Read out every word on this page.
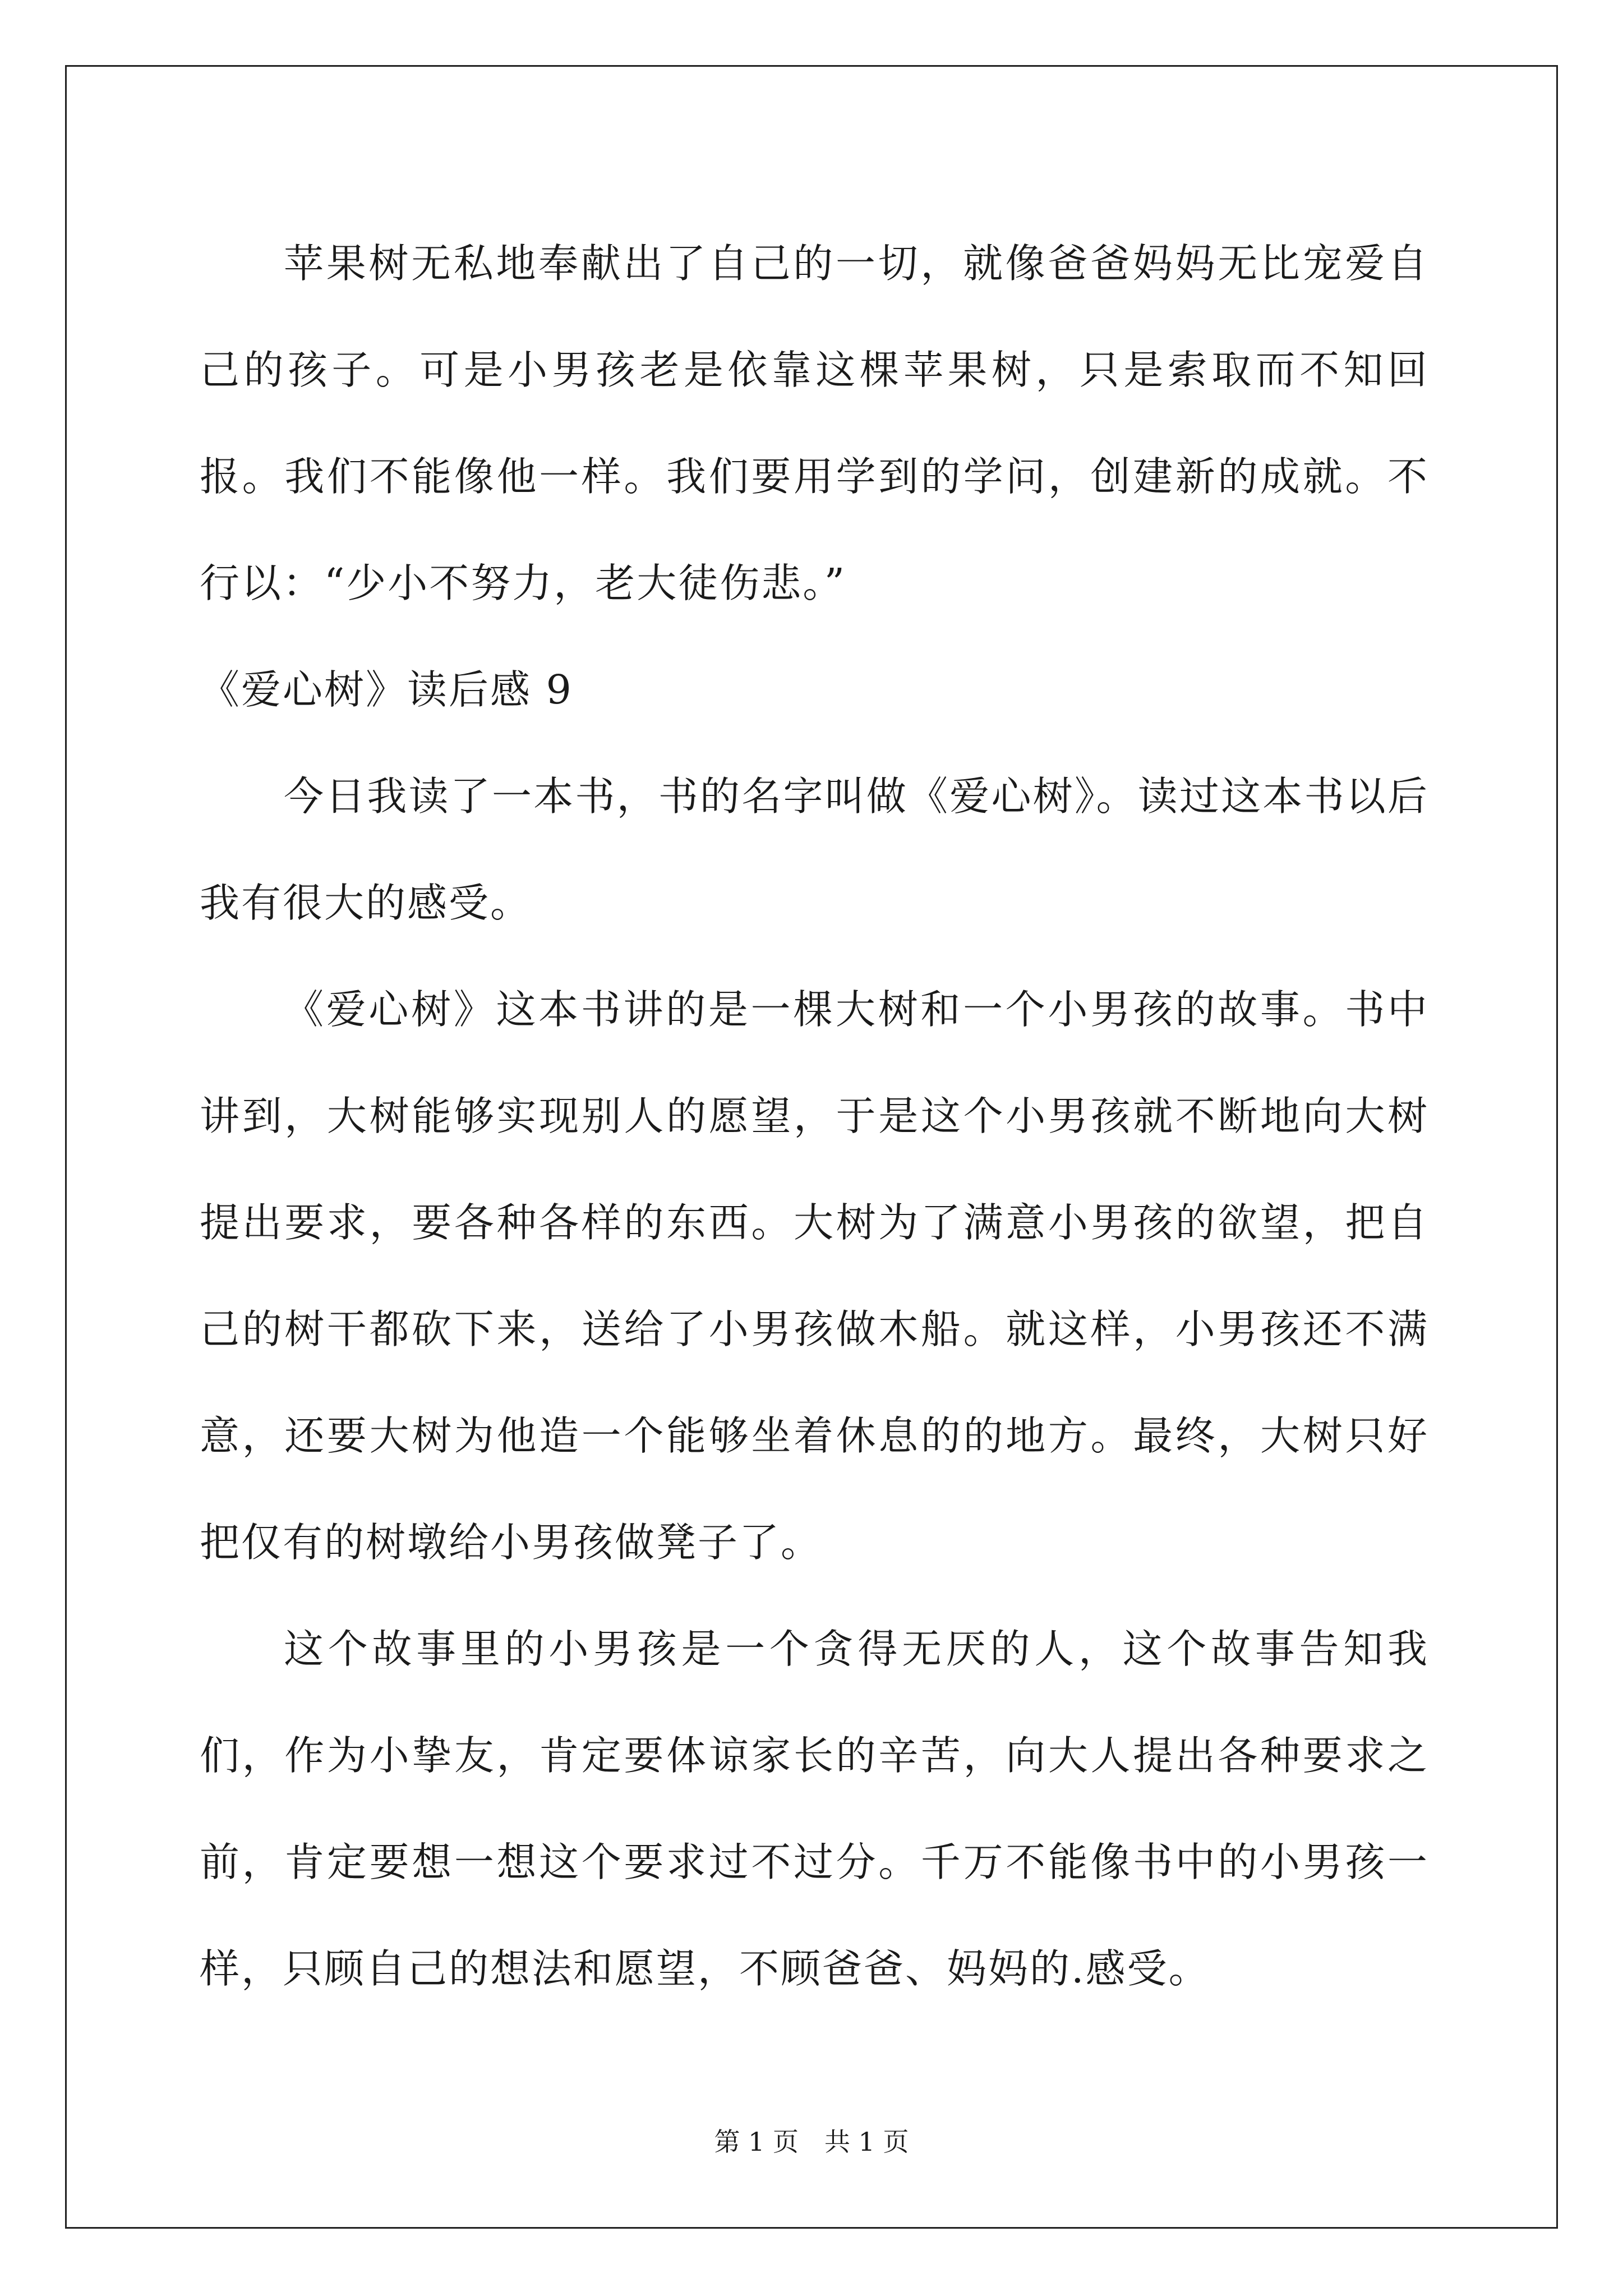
苹果树无私地奉献出了自己的一切，就像爸爸妈妈无比宠爱自己的孩子。可是小男孩老是依靠这棵苹果树，只是索取而不知回报。我们不能像他一样。我们要用学到的学问，创建新的成就。不行以：“少小不努力，老大徒伤悲。”

《爱心树》读后感 9

今日我读了一本书，书的名字叫做《爱心树》。读过这本书以后我有很大的感受。

《爱心树》这本书讲的是一棵大树和一个小男孩的故事。书中讲到，大树能够实现别人的愿望，于是这个小男孩就不断地向大树提出要求，要各种各样的东西。大树为了满意小男孩的欲望，把自己的树干都砍下来，送给了小男孩做木船。就这样，小男孩还不满意，还要大树为他造一个能够坐着休息的的地方。最终，大树只好把仅有的树墩给小男孩做凳子了。

这个故事里的小男孩是一个贪得无厌的人，这个故事告知我们，作为小挚友，肯定要体谅家长的辛苦，向大人提出各种要求之前，肯定要想一想这个要求过不过分。千万不能像书中的小男孩一样，只顾自己的想法和愿望，不顾爸爸、妈妈的.感受。

第 1 页　共 1 页
